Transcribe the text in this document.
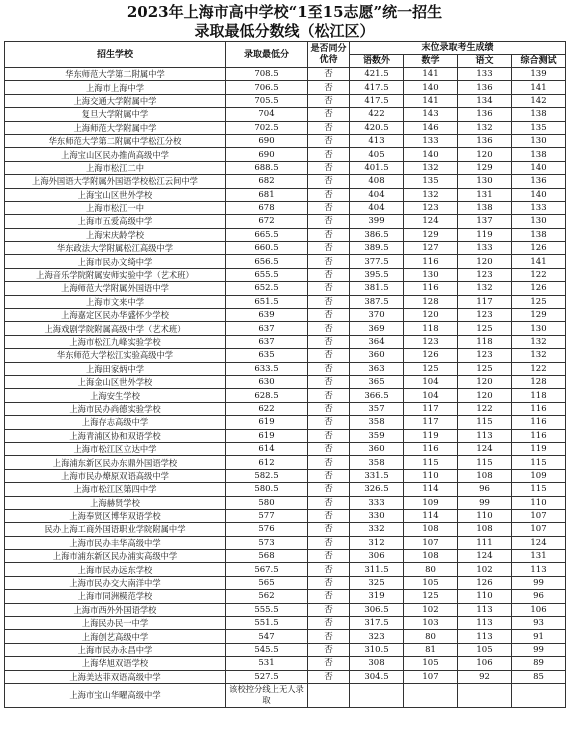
2023年上海市高中学校“1至15志愿”统一招生
录取最低分数线（松江区）
招生学校	录取最低分	是否同分优待	末位录取考生成绩			
			语数外	数学	语文	综合测试
华东师范大学第二附属中学	708.5	否	421.5	141	133	139
上海市上海中学	706.5	否	417.5	140	136	141
上海交通大学附属中学	705.5	否	417.5	141	134	142
复旦大学附属中学	704	否	422	143	136	138
上海师范大学附属中学	702.5	否	420.5	146	132	135
华东师范大学第二附属中学松江分校	690	否	413	133	136	130
上海宝山区民办推尚高级中学	690	否	405	140	120	138
上海市松江二中	688.5	否	401.5	132	129	140
上海外国语大学附属外国语学校松江云间中学	682	否	408	135	130	136
上海宝山区世外学校	681	否	404	132	131	140
上海市松江一中	678	否	404	123	138	133
上海市五爱高级中学	672	否	399	124	137	130
上海宋庆龄学校	665.5	否	386.5	129	119	138
华东政法大学附属松江高级中学	660.5	否	389.5	127	133	126
上海市民办文绮中学	656.5	否	377.5	116	120	141
上海音乐学院附属安师实验中学（艺术班）	655.5	否	395.5	130	123	122
上海师范大学附属外国语中学	652.5	否	381.5	116	132	126
上海市文来中学	651.5	否	387.5	128	117	125
上海嘉定区民办华盛怀少学校	639	否	370	120	123	129
上海戏剧学院附属高级中学（艺术班）	637	否	369	118	125	130
上海市松江九峰实验学校	637	否	364	123	118	132
华东师范大学松江实验高级中学	635	否	360	126	123	132
上海田家炳中学	633.5	否	363	125	125	122
上海金山区世外学校	630	否	365	104	120	128
上海安生学校	628.5	否	366.5	104	120	118
上海市民办尚德实验学校	622	否	357	117	122	116
上海存志高级中学	619	否	358	117	115	116
上海青浦区协和双语学校	619	否	359	119	113	116
上海市松江区立达中学	614	否	360	116	124	119
上海浦东新区民办东鼎外国语学校	612	否	358	115	115	115
上海市民办燎原双语高级中学	582.5	否	331.5	110	108	109
上海市松江区第四中学	580.5	否	326.5	114	96	115
上海赫贤学校	580	否	333	109	99	110
上海奉贤区博华双语学校	577	否	330	114	110	107
民办上海工商外国语职业学院附属中学	576	否	332	108	108	107
上海市民办丰华高级中学	573	否	312	107	111	124
上海市浦东新区民办浦实高级中学	568	否	306	108	124	131
上海市民办远东学校	567.5	否	311.5	80	102	113
上海市民办交大南洋中学	565	否	325	105	126	99
上海市同洲模范学校	562	否	319	125	110	96
上海市西外外国语学校	555.5	否	306.5	102	113	106
上海民办民一中学	551.5	否	317.5	103	113	93
上海创艺高级中学	547	否	323	80	113	91
上海市民办永昌中学	545.5	否	310.5	81	105	99
上海华旭双语学校	531	否	308	105	106	89
上海美达菲双语高级中学	527.5	否	304.5	107	92	85
上海市宝山华曜高级中学	该校控分线上无人录取					
